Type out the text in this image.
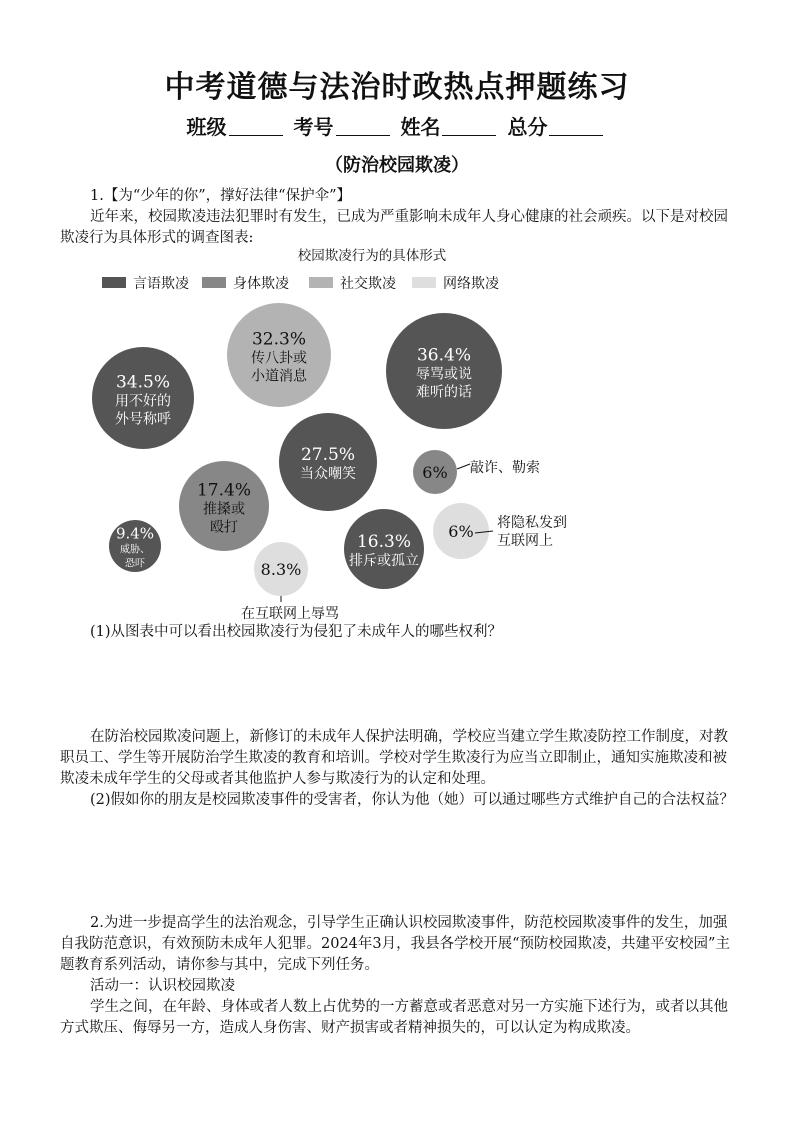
中考道德与法治时政热点押题练习
班级	考号	姓名	总分
（防治校园欺凌）
1.【为“少年的你”，撑好法律“保护伞”】
近年来，校园欺凌违法犯罪时有发生，已成为严重影响未成年人身心健康的社会顽疾。以下是对校园欺凌行为具体形式的调查图表:
校园欺凌行为的具体形式
言语欺凌	身体欺凌	社交欺凌	网络欺凌
34.5%
用不好的
外号称呼
32.3%
传八卦或
小道消息
36.4%
辱骂或说
难听的话
27.5%
当众嘲笑	6% 敲诈、勒索
17.4%
推搡或
殴打
9.4%
威胁、
恐吓	8.3%
在互联网上辱骂
16.3%
排斥或孤立
6% 将隐私发到
互联网上
(1)从图表中可以看出校园欺凌行为侵犯了未成年人的哪些权利？
在防治校园欺凌问题上，新修订的未成年人保护法明确，学校应当建立学生欺凌防控工作制度，对教职员工、学生等开展防治学生欺凌的教育和培训。学校对学生欺凌行为应当立即制止，通知实施欺凌和被欺凌未成年学生的父母或者其他监护人参与欺凌行为的认定和处理。
(2)假如你的朋友是校园欺凌事件的受害者，你认为他（她）可以通过哪些方式维护自己的合法权益？
2.为进一步提高学生的法治观念，引导学生正确认识校园欺凌事件，防范校园欺凌事件的发生，加强自我防范意识，有效预防未成年人犯罪。2024年3月，我县各学校开展“预防校园欺凌，共建平安校园”主题教育系列活动，请你参与其中，完成下列任务。
活动一：认识校园欺凌
学生之间，在年龄、身体或者人数上占优势的一方蓄意或者恶意对另一方实施下述行为，或者以其他方式欺压、侮辱另一方，造成人身伤害、财产损害或者精神损失的，可以认定为构成欺凌。
